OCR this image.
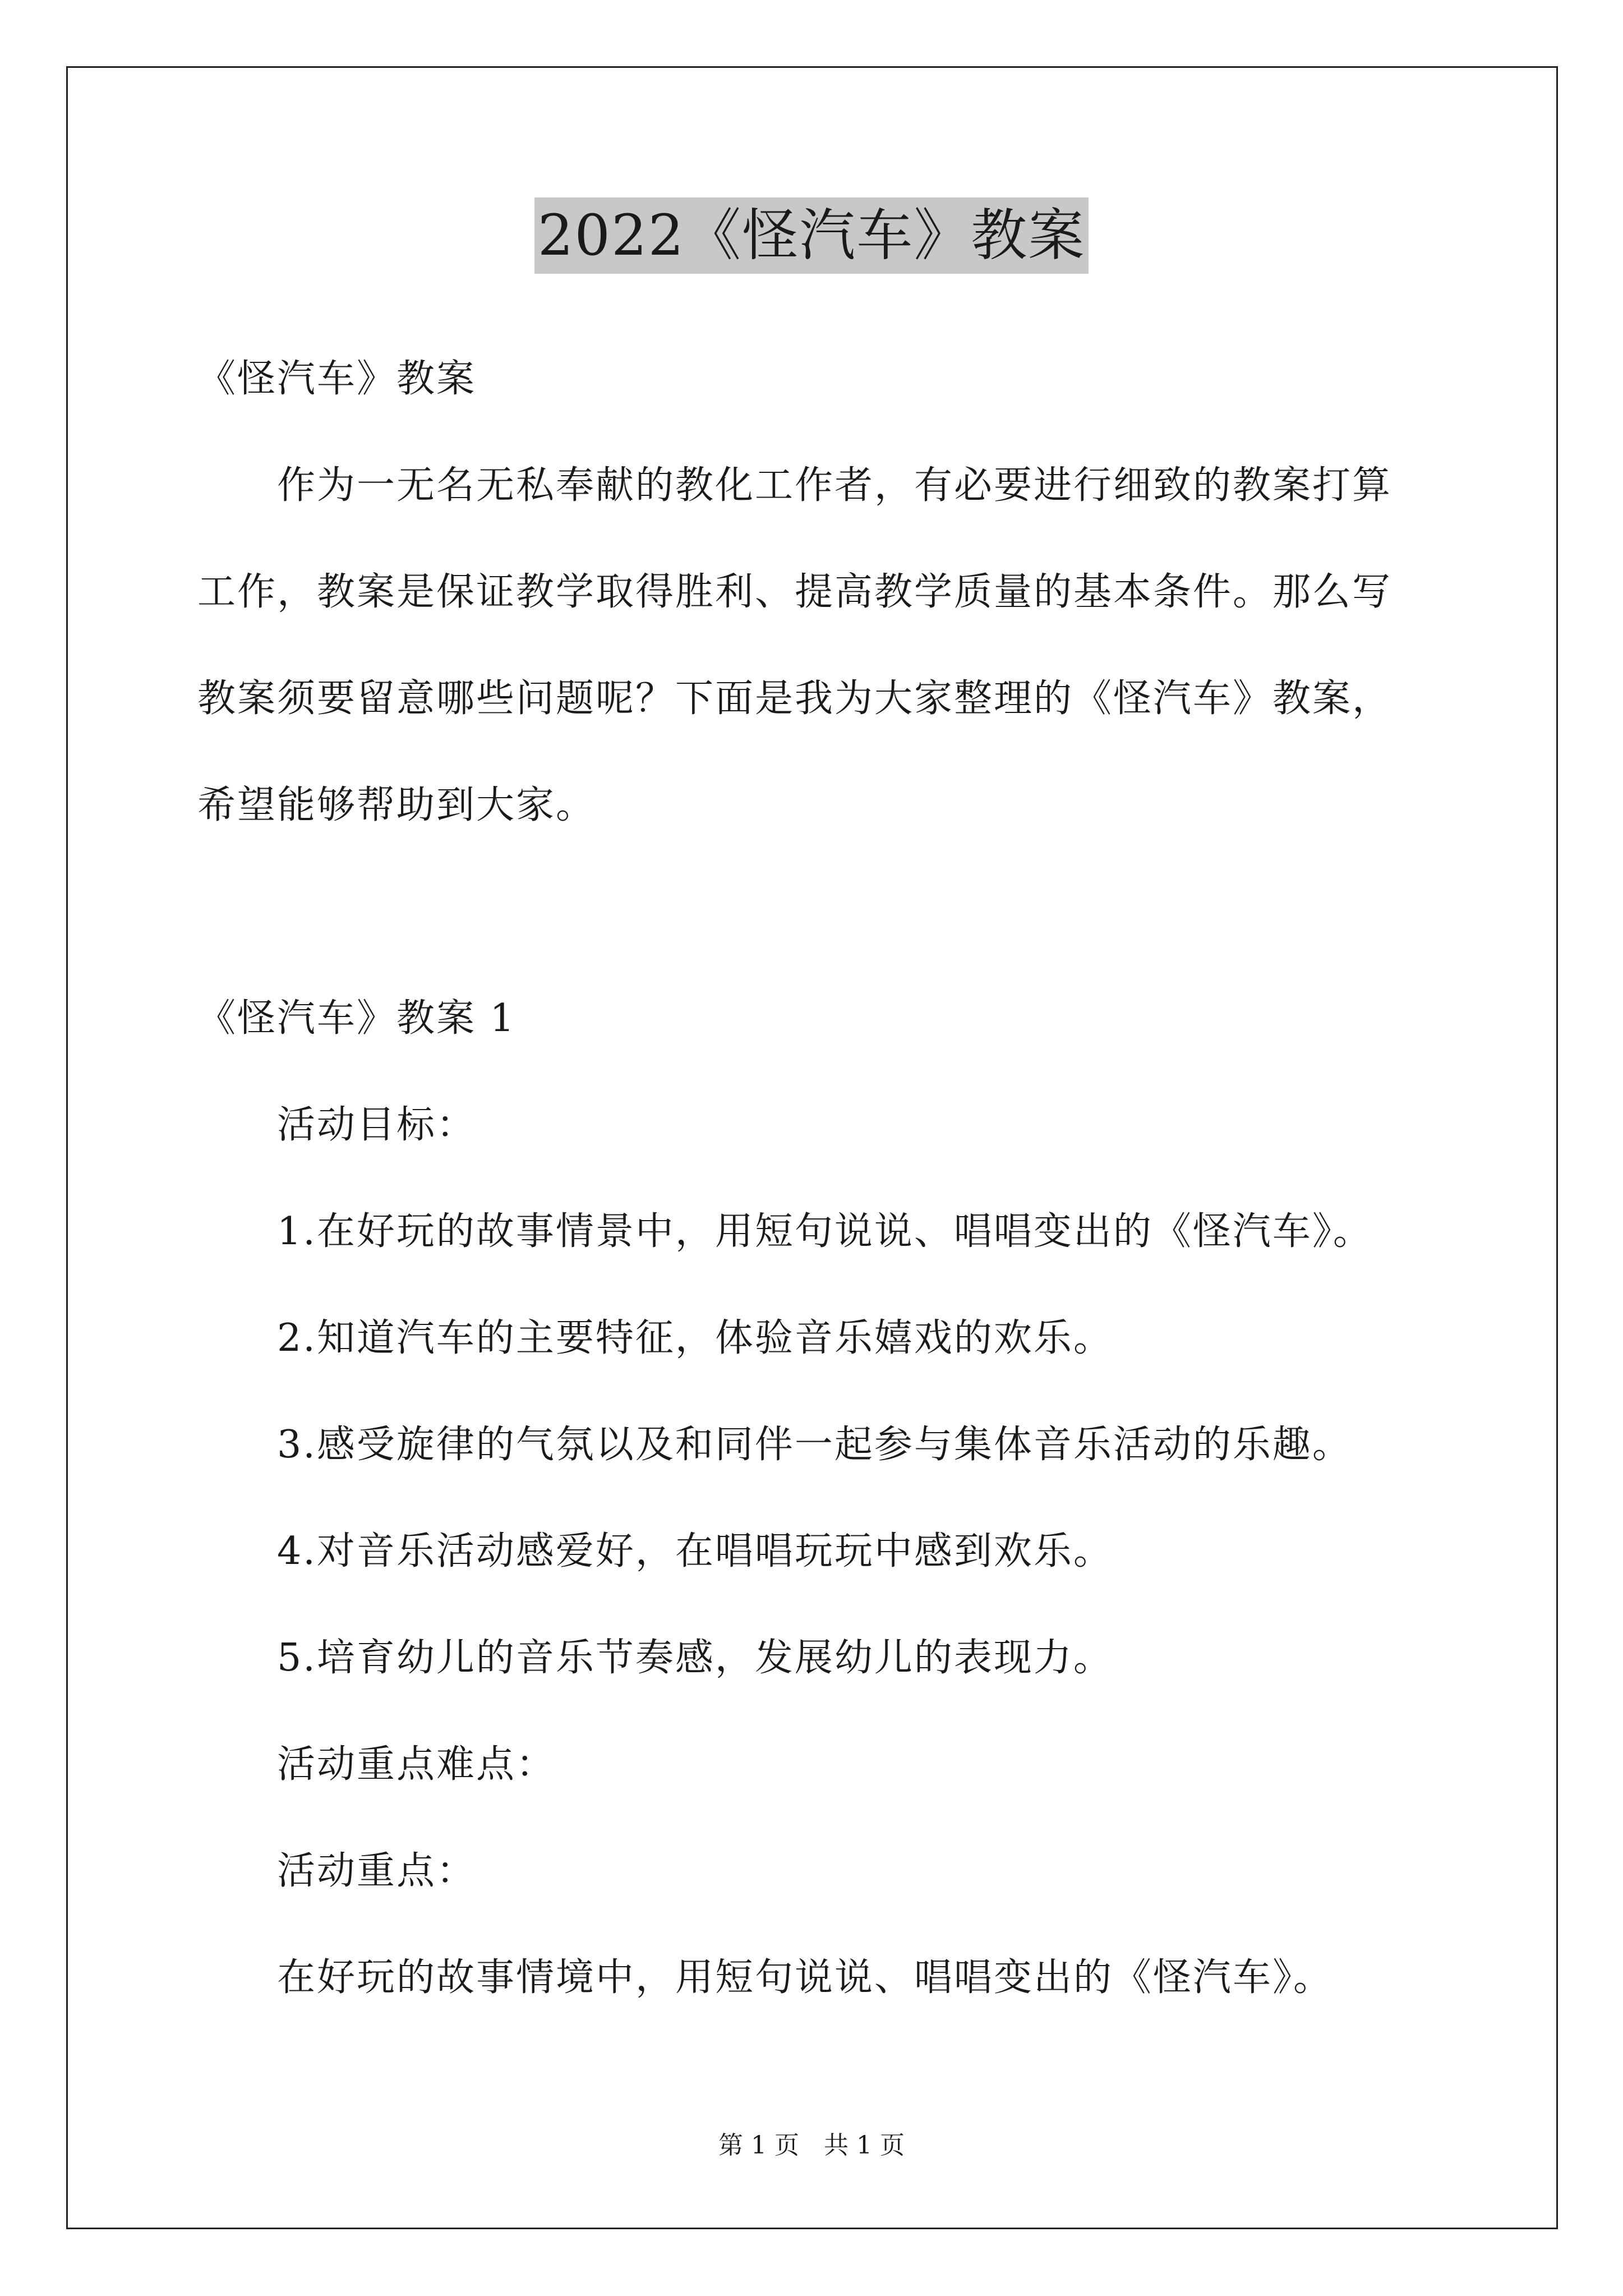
2022《怪汽车》教案
《怪汽车》教案
作为一无名无私奉献的教化工作者，有必要进行细致的教案打算
工作，教案是保证教学取得胜利、提高教学质量的基本条件。那么写
教案须要留意哪些问题呢？下面是我为大家整理的《怪汽车》教案，
希望能够帮助到大家。
《怪汽车》教案 1
活动目标：
1.在好玩的故事情景中，用短句说说、唱唱变出的《怪汽车》。
2.知道汽车的主要特征，体验音乐嬉戏的欢乐。
3.感受旋律的气氛以及和同伴一起参与集体音乐活动的乐趣。
4.对音乐活动感爱好，在唱唱玩玩中感到欢乐。
5.培育幼儿的音乐节奏感，发展幼儿的表现力。
活动重点难点：
活动重点：
在好玩的故事情境中，用短句说说、唱唱变出的《怪汽车》。
第 1 页　共 1 页
